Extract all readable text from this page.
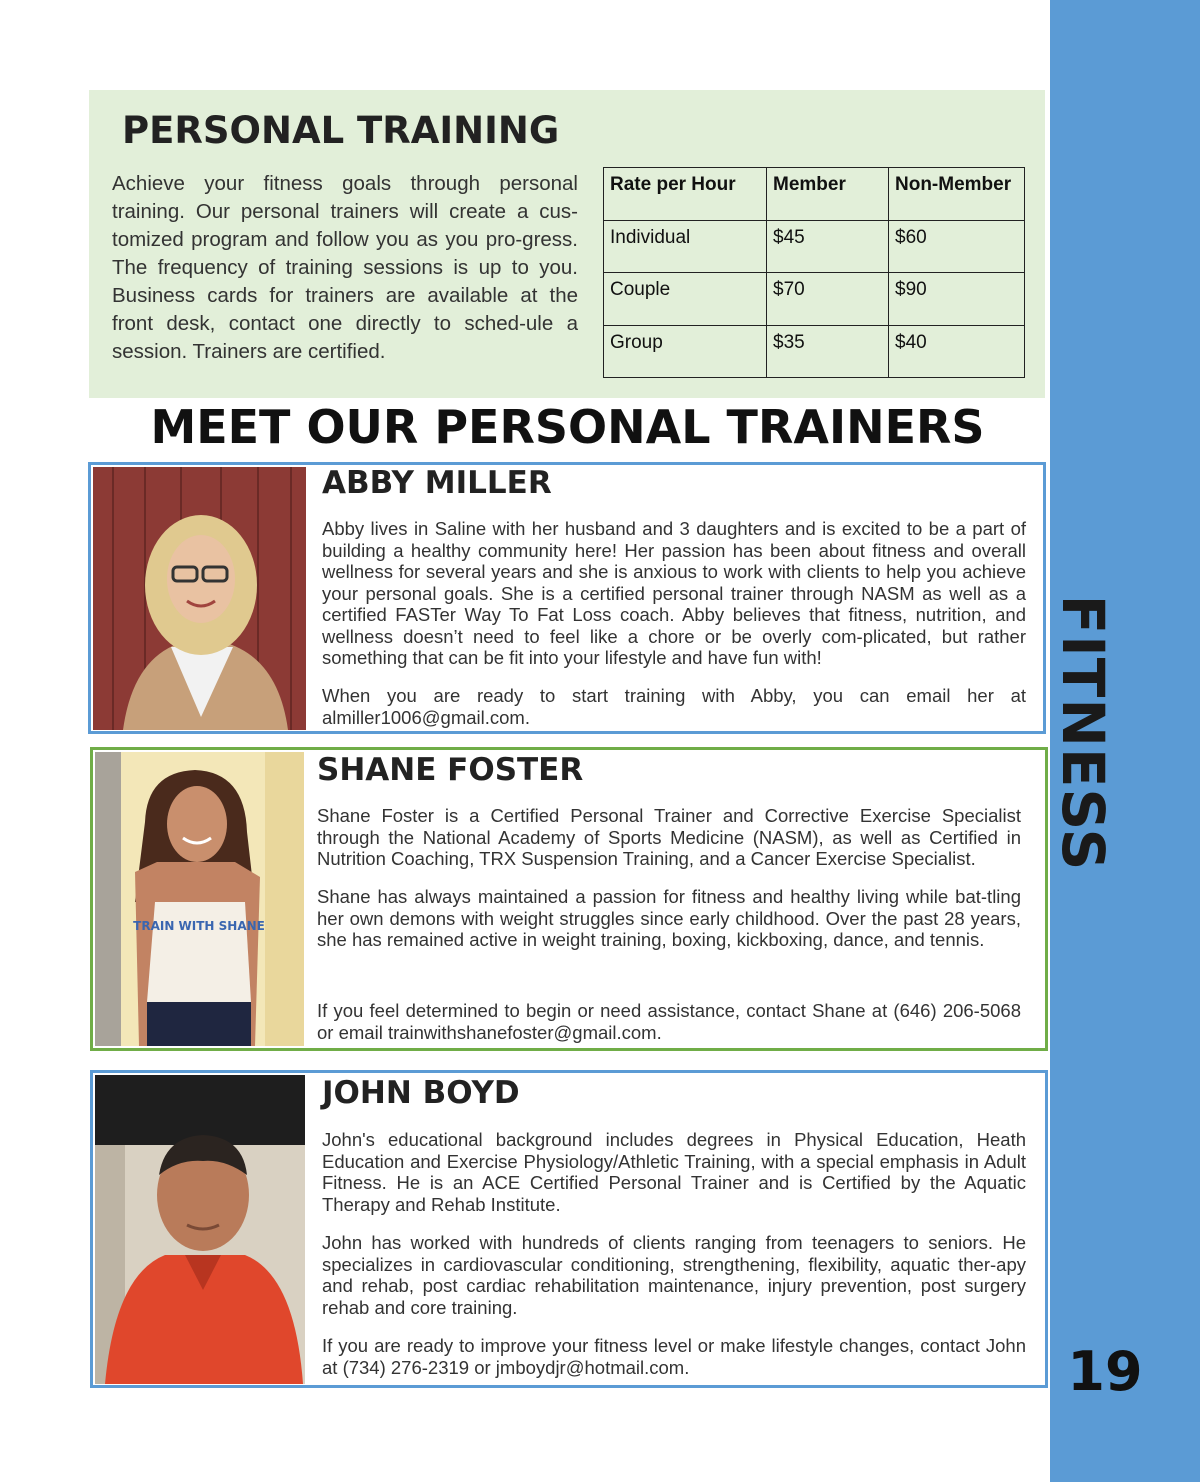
FITNESS
19
PERSONAL TRAINING

Achieve your fitness goals through personal training. Our personal trainers will create a cus-tomized program and follow you as you pro-gress. The frequency of training sessions is up to you. Business cards for trainers are available at the front desk, contact one directly to sched-ule a session. Trainers are certified.

Rate per Hour	Member	Non-Member
Individual	$45	$60
Couple	$70	$90
Group	$35	$40
MEET OUR PERSONAL TRAINERS
ABBY MILLER

Abby lives in Saline with her husband and 3 daughters and is excited to be a part of building a healthy community here! Her passion has been about fitness and overall wellness for several years and she is anxious to work with clients to help you achieve your personal goals. She is a certified personal trainer through NASM as well as a certified FASTer Way To Fat Loss coach. Abby believes that fitness, nutrition, and wellness doesn’t need to feel like a chore or be overly com-plicated, but rather something that can be fit into your lifestyle and have fun with!

When you are ready to start training with Abby, you can email her at almiller1006@gmail.com.

TRAIN WITH SHANE
SHANE FOSTER

Shane Foster is a Certified Personal Trainer and Corrective Exercise Specialist through the National Academy of Sports Medicine (NASM), as well as Certified in Nutrition Coaching, TRX Suspension Training, and a Cancer Exercise Specialist.

Shane has always maintained a passion for fitness and healthy living while bat-tling her own demons with weight struggles since early childhood. Over the past 28 years, she has remained active in weight training, boxing, kickboxing, dance, and tennis.

If you feel determined to begin or need assistance, contact Shane at (646) 206-5068 or email trainwithshanefoster@gmail.com.

JOHN BOYD

John's educational background includes degrees in Physical Education, Heath Education and Exercise Physiology/Athletic Training, with a special emphasis in Adult Fitness. He is an ACE Certified Personal Trainer and is Certified by the Aquatic Therapy and Rehab Institute.

John has worked with hundreds of clients ranging from teenagers to seniors. He specializes in cardiovascular conditioning, strengthening, flexibility, aquatic ther-apy and rehab, post cardiac rehabilitation maintenance, injury prevention, post surgery rehab and core training.

If you are ready to improve your fitness level or make lifestyle changes, contact John at (734) 276-2319 or jmboydjr@hotmail.com.
